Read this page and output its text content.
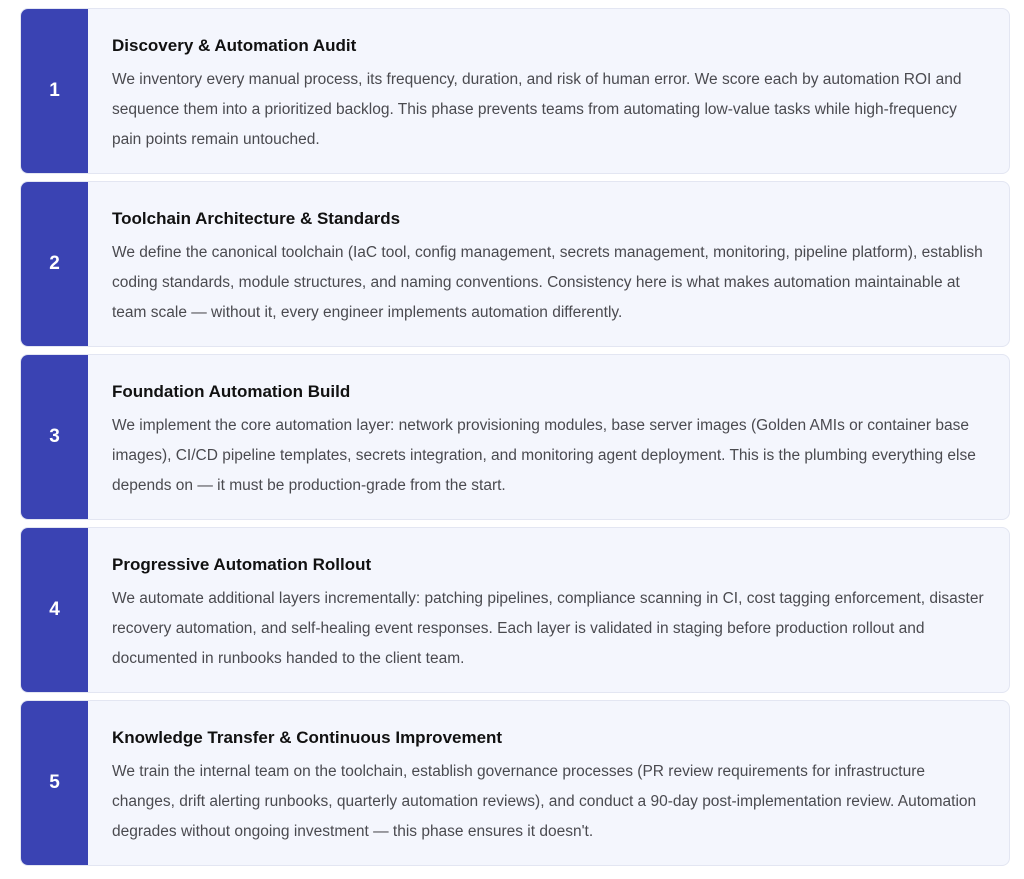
1
Discovery & Automation Audit

We inventory every manual process, its frequency, duration, and risk of human error. We score each by automation ROI and sequence them into a prioritized backlog. This phase prevents teams from automating low-value tasks while high-frequency pain points remain untouched.

2
Toolchain Architecture & Standards

We define the canonical toolchain (IaC tool, config management, secrets management, monitoring, pipeline platform), establish coding standards, module structures, and naming conventions. Consistency here is what makes automation maintainable at team scale — without it, every engineer implements automation differently.

3
Foundation Automation Build

We implement the core automation layer: network provisioning modules, base server images (Golden AMIs or container base images), CI/CD pipeline templates, secrets integration, and monitoring agent deployment. This is the plumbing everything else depends on — it must be production-grade from the start.

4
Progressive Automation Rollout

We automate additional layers incrementally: patching pipelines, compliance scanning in CI, cost tagging enforcement, disaster recovery automation, and self-healing event responses. Each layer is validated in staging before production rollout and documented in runbooks handed to the client team.

5
Knowledge Transfer & Continuous Improvement

We train the internal team on the toolchain, establish governance processes (PR review requirements for infrastructure changes, drift alerting runbooks, quarterly automation reviews), and conduct a 90-day post-implementation review. Automation degrades without ongoing investment — this phase ensures it doesn't.
